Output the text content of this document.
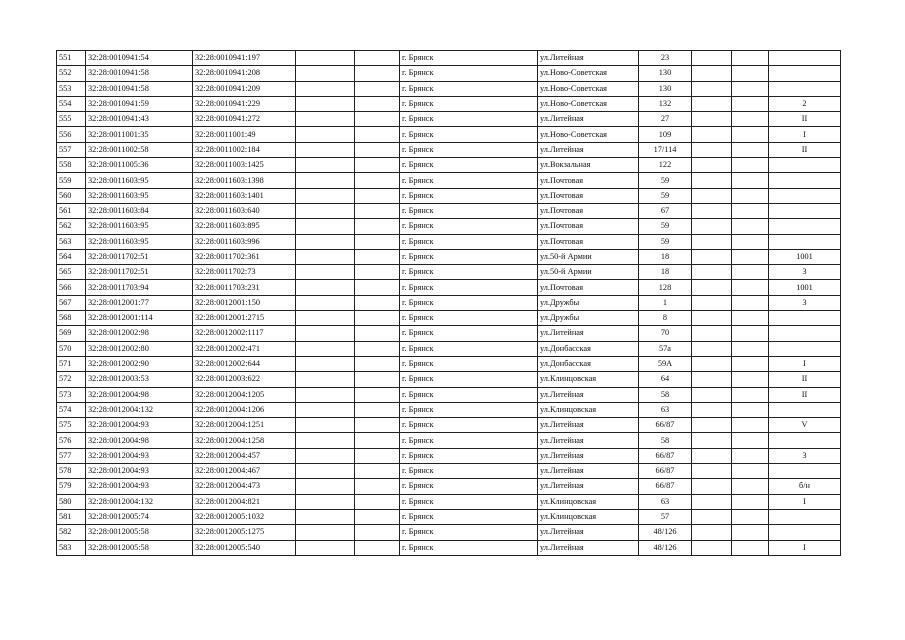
551	32:28:0010941:54	32:28:0010941:197			г. Брянск	ул.Литейная	23			
552	32:28:0010941:58	32:28:0010941:208			г. Брянск	ул.Ново-Советская	130			
553	32:28:0010941:58	32:28:0010941:209			г. Брянск	ул.Ново-Советская	130			
554	32:28:0010941:59	32:28:0010941:229			г. Брянск	ул.Ново-Советская	132			2
555	32:28:0010941:43	32:28:0010941:272			г. Брянск	ул.Литейная	27			II
556	32:28:0011001:35	32:28:0011001:49			г. Брянск	ул.Ново-Советская	109			I
557	32:28:0011002:58	32:28:0011002:184			г. Брянск	ул.Литейная	17/114			II
558	32:28:0011005:36	32:28:0011003:1425			г. Брянск	ул.Вокзальная	122			
559	32:28:0011603:95	32:28:0011603:1398			г. Брянск	ул.Почтовая	59			
560	32:28:0011603:95	32:28:0011603:1401			г. Брянск	ул.Почтовая	59			
561	32:28:0011603:84	32:28:0011603:640			г. Брянск	ул.Почтовая	67			
562	32:28:0011603:95	32:28:0011603:895			г. Брянск	ул.Почтовая	59			
563	32:28:0011603:95	32:28:0011603:996			г. Брянск	ул.Почтовая	59			
564	32:28:0011702:51	32:28:0011702:361			г. Брянск	ул.50-й Армии	18			1001
565	32:28:0011702:51	32:28:0011702:73			г. Брянск	ул.50-й Армии	18			3
566	32:28:0011703:94	32:28:0011703:231			г. Брянск	ул.Почтовая	128			1001
567	32:28:0012001:77	32:28:0012001:150			г. Брянск	ул.Дружбы	1			3
568	32:28:0012001:114	32:28:0012001:2715			г. Брянск	ул.Дружбы	8			
569	32:28:0012002:98	32:28:0012002:1117			г. Брянск	ул.Литейная	70			
570	32:28:0012002:80	32:28:0012002:471			г. Брянск	ул.Донбасская	57а			
571	32:28:0012002:90	32:28:0012002:644			г. Брянск	ул.Донбасская	59А			I
572	32:28:0012003:53	32:28:0012003:622			г. Брянск	ул.Клинцовская	64			II
573	32:28:0012004:98	32:28:0012004:1205			г. Брянск	ул.Литейная	58			II
574	32:28:0012004:132	32:28:0012004:1206			г. Брянск	ул.Клинцовская	63			
575	32:28:0012004:93	32:28:0012004:1251			г. Брянск	ул.Литейная	66/87			V
576	32:28:0012004:98	32:28:0012004:1258			г. Брянск	ул.Литейная	58			
577	32:28:0012004:93	32:28:0012004:457			г. Брянск	ул.Литейная	66/87			3
578	32:28:0012004:93	32:28:0012004:467			г. Брянск	ул.Литейная	66/87			
579	32:28:0012004:93	32:28:0012004:473			г. Брянск	ул.Литейная	66/87			б/н
580	32:28:0012004:132	32:28:0012004:821			г. Брянск	ул.Клинцовская	63			I
581	32:28:0012005:74	32:28:0012005:1032			г. Брянск	ул.Клинцовская	57			
582	32:28:0012005:58	32:28:0012005:1275			г. Брянск	ул.Литейная	48/126			
583	32:28:0012005:58	32:28:0012005:540			г. Брянск	ул.Литейная	48/126			I
